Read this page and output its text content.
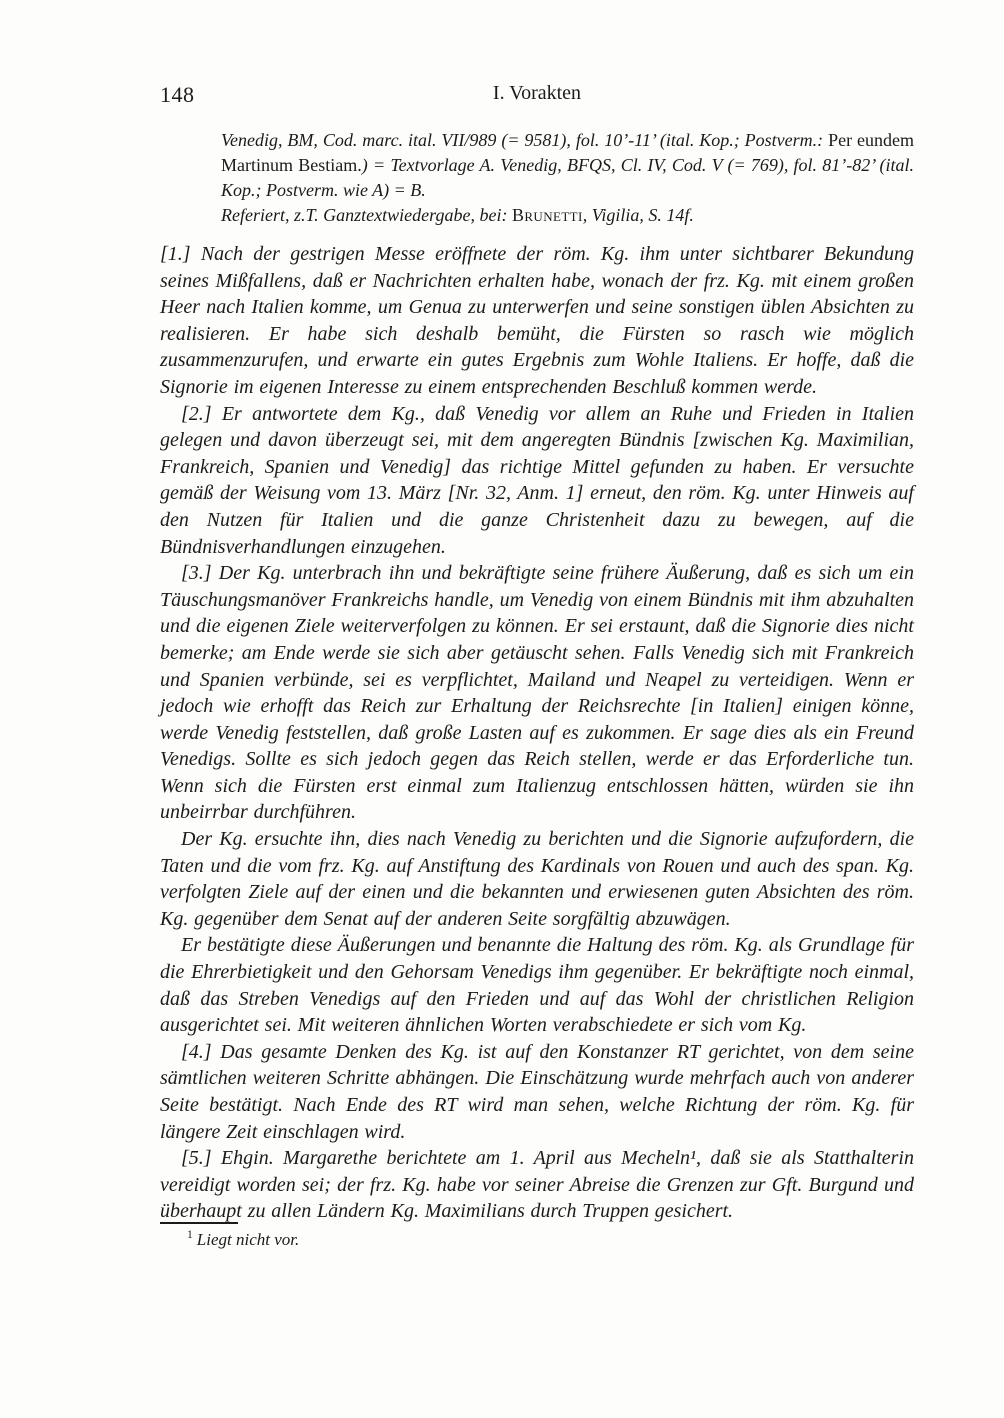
148	I. Vorakten

Venedig, BM, Cod. marc. ital. VII/989 (= 9581), fol. 10’-11’ (ital. Kop.; Postverm.: Per eundem Martinum Bestiam.) = Textvorlage A. Venedig, BFQS, Cl. IV, Cod. V (= 769), fol. 81’-82’ (ital. Kop.; Postverm. wie A) = B.

Referiert, z.T. Ganztextwiedergabe, bei: Brunetti, Vigilia, S. 14f.

[1.] Nach der gestrigen Messe eröffnete der röm. Kg. ihm unter sichtbarer Bekundung seines Mißfallens, daß er Nachrichten erhalten habe, wonach der frz. Kg. mit einem großen Heer nach Italien komme, um Genua zu unterwerfen und seine sonstigen üblen Absichten zu realisieren. Er habe sich deshalb bemüht, die Fürsten so rasch wie möglich zusammenzurufen, und erwarte ein gutes Ergebnis zum Wohle Italiens. Er hoffe, daß die Signorie im eigenen Interesse zu einem entsprechenden Beschluß kommen werde.

[2.] Er antwortete dem Kg., daß Venedig vor allem an Ruhe und Frieden in Italien gelegen und davon überzeugt sei, mit dem angeregten Bündnis [zwischen Kg. Maximilian, Frankreich, Spanien und Venedig] das richtige Mittel gefunden zu haben. Er versuchte gemäß der Weisung vom 13. März [Nr. 32, Anm. 1] erneut, den röm. Kg. unter Hinweis auf den Nutzen für Italien und die ganze Christenheit dazu zu bewegen, auf die Bündnisverhandlungen einzugehen.

[3.] Der Kg. unterbrach ihn und bekräftigte seine frühere Äußerung, daß es sich um ein Täuschungsmanöver Frankreichs handle, um Venedig von einem Bündnis mit ihm abzuhalten und die eigenen Ziele weiterverfolgen zu können. Er sei erstaunt, daß die Signorie dies nicht bemerke; am Ende werde sie sich aber getäuscht sehen. Falls Venedig sich mit Frankreich und Spanien verbünde, sei es verpflichtet, Mailand und Neapel zu verteidigen. Wenn er jedoch wie erhofft das Reich zur Erhaltung der Reichsrechte [in Italien] einigen könne, werde Venedig feststellen, daß große Lasten auf es zukommen. Er sage dies als ein Freund Venedigs. Sollte es sich jedoch gegen das Reich stellen, werde er das Erforderliche tun. Wenn sich die Fürsten erst einmal zum Italienzug entschlossen hätten, würden sie ihn unbeirrbar durchführen.

Der Kg. ersuchte ihn, dies nach Venedig zu berichten und die Signorie aufzufordern, die Taten und die vom frz. Kg. auf Anstiftung des Kardinals von Rouen und auch des span. Kg. verfolgten Ziele auf der einen und die bekannten und erwiesenen guten Absichten des röm. Kg. gegenüber dem Senat auf der anderen Seite sorgfältig abzuwägen.

Er bestätigte diese Äußerungen und benannte die Haltung des röm. Kg. als Grundlage für die Ehrerbietigkeit und den Gehorsam Venedigs ihm gegenüber. Er bekräftigte noch einmal, daß das Streben Venedigs auf den Frieden und auf das Wohl der christlichen Religion ausgerichtet sei. Mit weiteren ähnlichen Worten verabschiedete er sich vom Kg.

[4.] Das gesamte Denken des Kg. ist auf den Konstanzer RT gerichtet, von dem seine sämtlichen weiteren Schritte abhängen. Die Einschätzung wurde mehrfach auch von anderer Seite bestätigt. Nach Ende des RT wird man sehen, welche Richtung der röm. Kg. für längere Zeit einschlagen wird.

[5.] Ehgin. Margarethe berichtete am 1. April aus Mecheln¹, daß sie als Statthalterin vereidigt worden sei; der frz. Kg. habe vor seiner Abreise die Grenzen zur Gft. Burgund und überhaupt zu allen Ländern Kg. Maximilians durch Truppen gesichert.

$^1$ Liegt nicht vor.
